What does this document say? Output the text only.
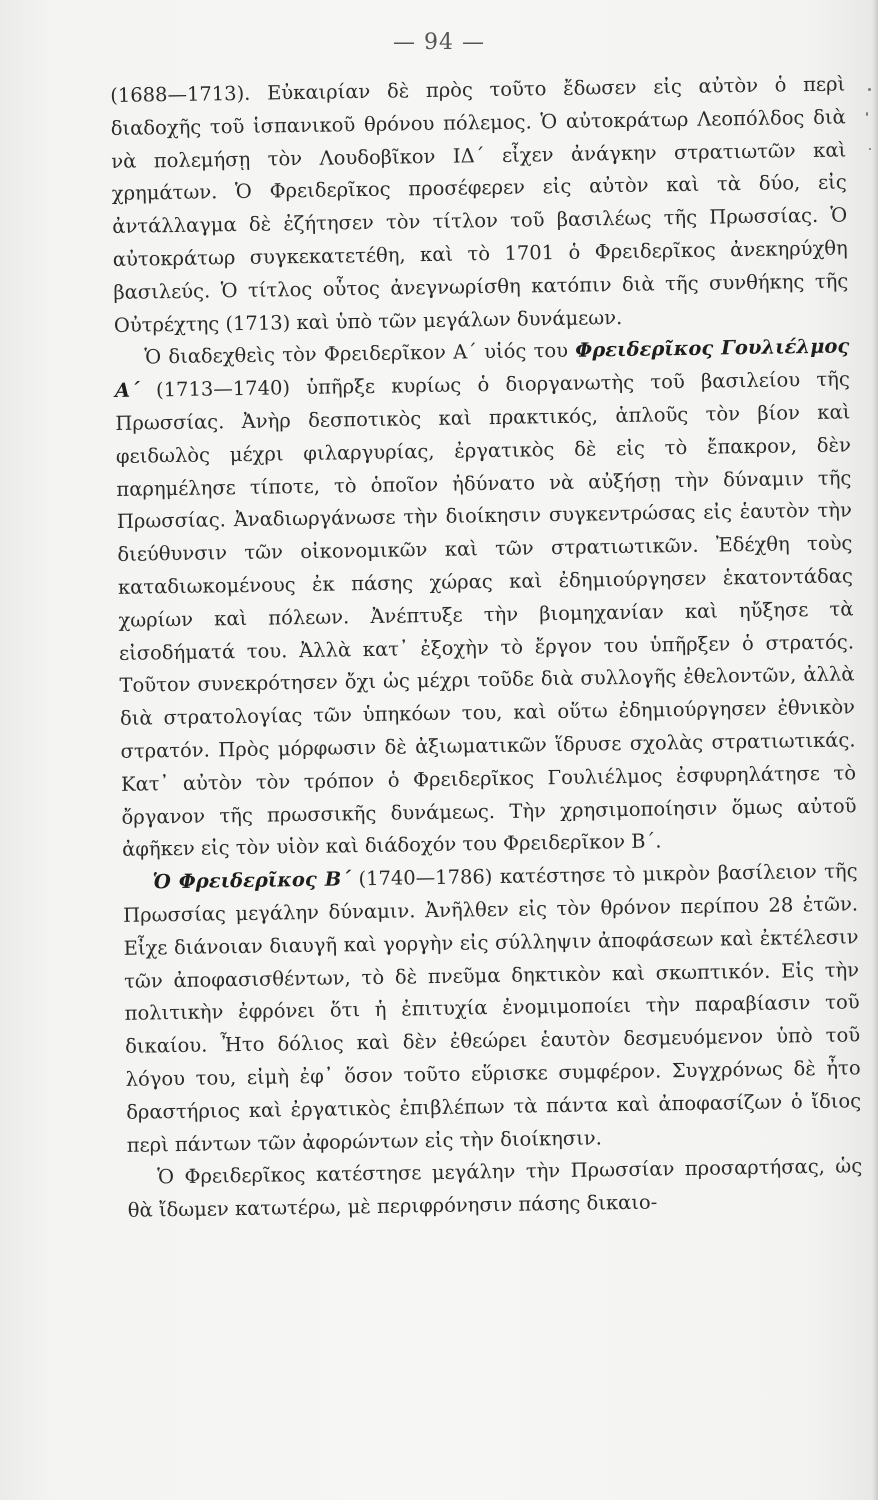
— 94 —

(1688—1713). Εὐκαιρίαν δὲ πρὸς τοῦτο ἔδωσεν εἰς αὐτὸν ὁ περὶ διαδοχῆς τοῦ ἱσπανικοῦ θρόνου πόλεμος. Ὁ αὐτοκράτωρ Λεοπόλδος διὰ νὰ πολεμήσῃ τὸν Λουδοβῖκον ΙΔ΄ εἶχεν ἀνάγκην στρατιωτῶν καὶ χρημάτων. Ὁ Φρειδερῖκος προσέφερεν εἰς αὐτὸν καὶ τὰ δύο, εἰς ἀντάλλαγμα δὲ ἐζήτησεν τὸν τίτλον τοῦ βασιλέως τῆς Πρωσσίας. Ὁ αὐτοκράτωρ συγκεκατετέθη, καὶ τὸ 1701 ὁ Φρειδερῖκος ἀνεκηρύχθη βασιλεύς. Ὁ τίτλος οὗτος ἀνεγνωρίσθη κατόπιν διὰ τῆς συνθήκης τῆς Οὐτρέχτης (1713) καὶ ὑπὸ τῶν μεγάλων δυνάμεων.

Ὁ διαδεχθεὶς τὸν Φρειδερῖκον Α΄ υἱός του Φρειδερῖκος Γουλιέλμος Α΄ (1713—1740) ὑπῆρξε κυρίως ὁ διοργανωτὴς τοῦ βασιλείου τῆς Πρωσσίας. Ἀνὴρ δεσποτικὸς καὶ πρακτικός, ἁπλοῦς τὸν βίον καὶ φειδωλὸς μέχρι φιλαργυρίας, ἐργατικὸς δὲ εἰς τὸ ἔπακρον, δὲν παρημέλησε τίποτε, τὸ ὁποῖον ἠδύνατο νὰ αὐξήσῃ τὴν δύναμιν τῆς Πρωσσίας. Ἀναδιωργάνωσε τὴν διοίκησιν συγκεντρώσας εἰς ἑαυτὸν τὴν διεύθυνσιν τῶν οἰκονομικῶν καὶ τῶν στρατιωτικῶν. Ἐδέχθη τοὺς καταδιωκομένους ἐκ πάσης χώρας καὶ ἐδημιούργησεν ἑκατοντάδας χωρίων καὶ πόλεων. Ἀνέπτυξε τὴν βιομηχανίαν καὶ ηὔξησε τὰ εἰσοδήματά του. Ἀλλὰ κατ᾽ ἐξοχὴν τὸ ἔργον του ὑπῆρξεν ὁ στρατός. Τοῦτον συνεκρότησεν ὄχι ὡς μέχρι τοῦδε διὰ συλλογῆς ἐθελοντῶν, ἀλλὰ διὰ στρατολογίας τῶν ὑπηκόων του, καὶ οὕτω ἐδημιούργησεν ἐθνικὸν στρατόν. Πρὸς μόρφωσιν δὲ ἀξιωματικῶν ἵδρυσε σχολὰς στρατιωτικάς. Κατ᾽ αὐτὸν τὸν τρόπον ὁ Φρειδερῖκος Γουλιέλμος ἐσφυρηλάτησε τὸ ὄργανον τῆς πρωσσικῆς δυνάμεως. Τὴν χρησιμοποίησιν ὅμως αὐτοῦ ἀφῆκεν εἰς τὸν υἱὸν καὶ διάδοχόν του Φρειδερῖκον Β΄.

Ὁ Φρειδερῖκος Β΄ (1740—1786) κατέστησε τὸ μικρὸν βασίλειον τῆς Πρωσσίας μεγάλην δύναμιν. Ἀνῆλθεν εἰς τὸν θρόνον περίπου 28 ἐτῶν. Εἶχε διάνοιαν διαυγῆ καὶ γοργὴν εἰς σύλληψιν ἀποφάσεων καὶ ἐκτέλεσιν τῶν ἀποφασισθέντων, τὸ δὲ πνεῦμα δηκτικὸν καὶ σκωπτικόν. Εἰς τὴν πολιτικὴν ἐφρόνει ὅτι ἡ ἐπιτυχία ἐνομιμοποίει τὴν παραβίασιν τοῦ δικαίου. Ἦτο δόλιος καὶ δὲν ἐθεώρει ἑαυτὸν δεσμευόμενον ὑπὸ τοῦ λόγου του, εἰμὴ ἐφ᾽ ὅσον τοῦτο εὕρισκε συμφέρον. Συγχρόνως δὲ ἦτο δραστήριος καὶ ἐργατικὸς ἐπιβλέπων τὰ πάντα καὶ ἀποφασίζων ὁ ἴδιος περὶ πάντων τῶν ἀφορώντων εἰς τὴν διοίκησιν.

Ὁ Φρειδερῖκος κατέστησε μεγάλην τὴν Πρωσσίαν προσαρτήσας, ὡς θὰ ἴδωμεν κατωτέρω, μὲ περιφρόνησιν πάσης δικαιο-
